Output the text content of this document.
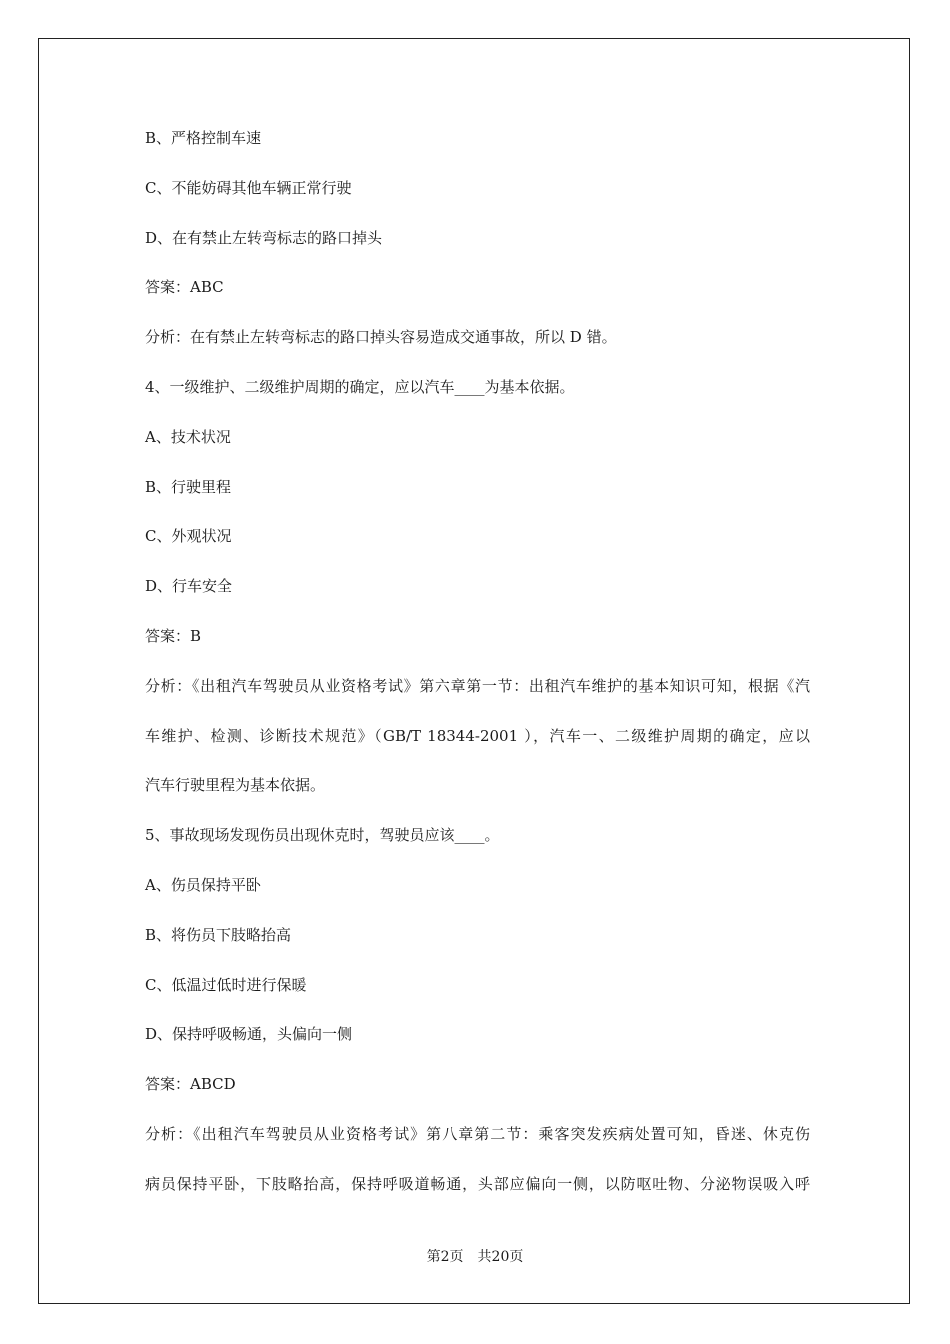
B、严格控制车速
C、不能妨碍其他车辆正常行驶
D、在有禁止左转弯标志的路口掉头
答案：ABC
分析：在有禁止左转弯标志的路口掉头容易造成交通事故，所以 D 错。
4、一级维护、二级维护周期的确定，应以汽车____为基本依据。
A、技术状况
B、行驶里程
C、外观状况
D、行车安全
答案：B
分析：《出租汽车驾驶员从业资格考试》第六章第一节：出租汽车维护的基本知识可知，根据《汽
车维护、检测、诊断技术规范》（GB/T 18344-2001 ），汽车一、二级维护周期的确定，应以
汽车行驶里程为基本依据。
5、事故现场发现伤员出现休克时，驾驶员应该____。
A、伤员保持平卧
B、将伤员下肢略抬高
C、低温过低时进行保暖
D、保持呼吸畅通，头偏向一侧
答案：ABCD
分析：《出租汽车驾驶员从业资格考试》第八章第二节：乘客突发疾病处置可知，昏迷、休克伤
病员保持平卧，下肢略抬高，保持呼吸道畅通，头部应偏向一侧，以防呕吐物、分泌物误吸入呼
第2页 共20页
